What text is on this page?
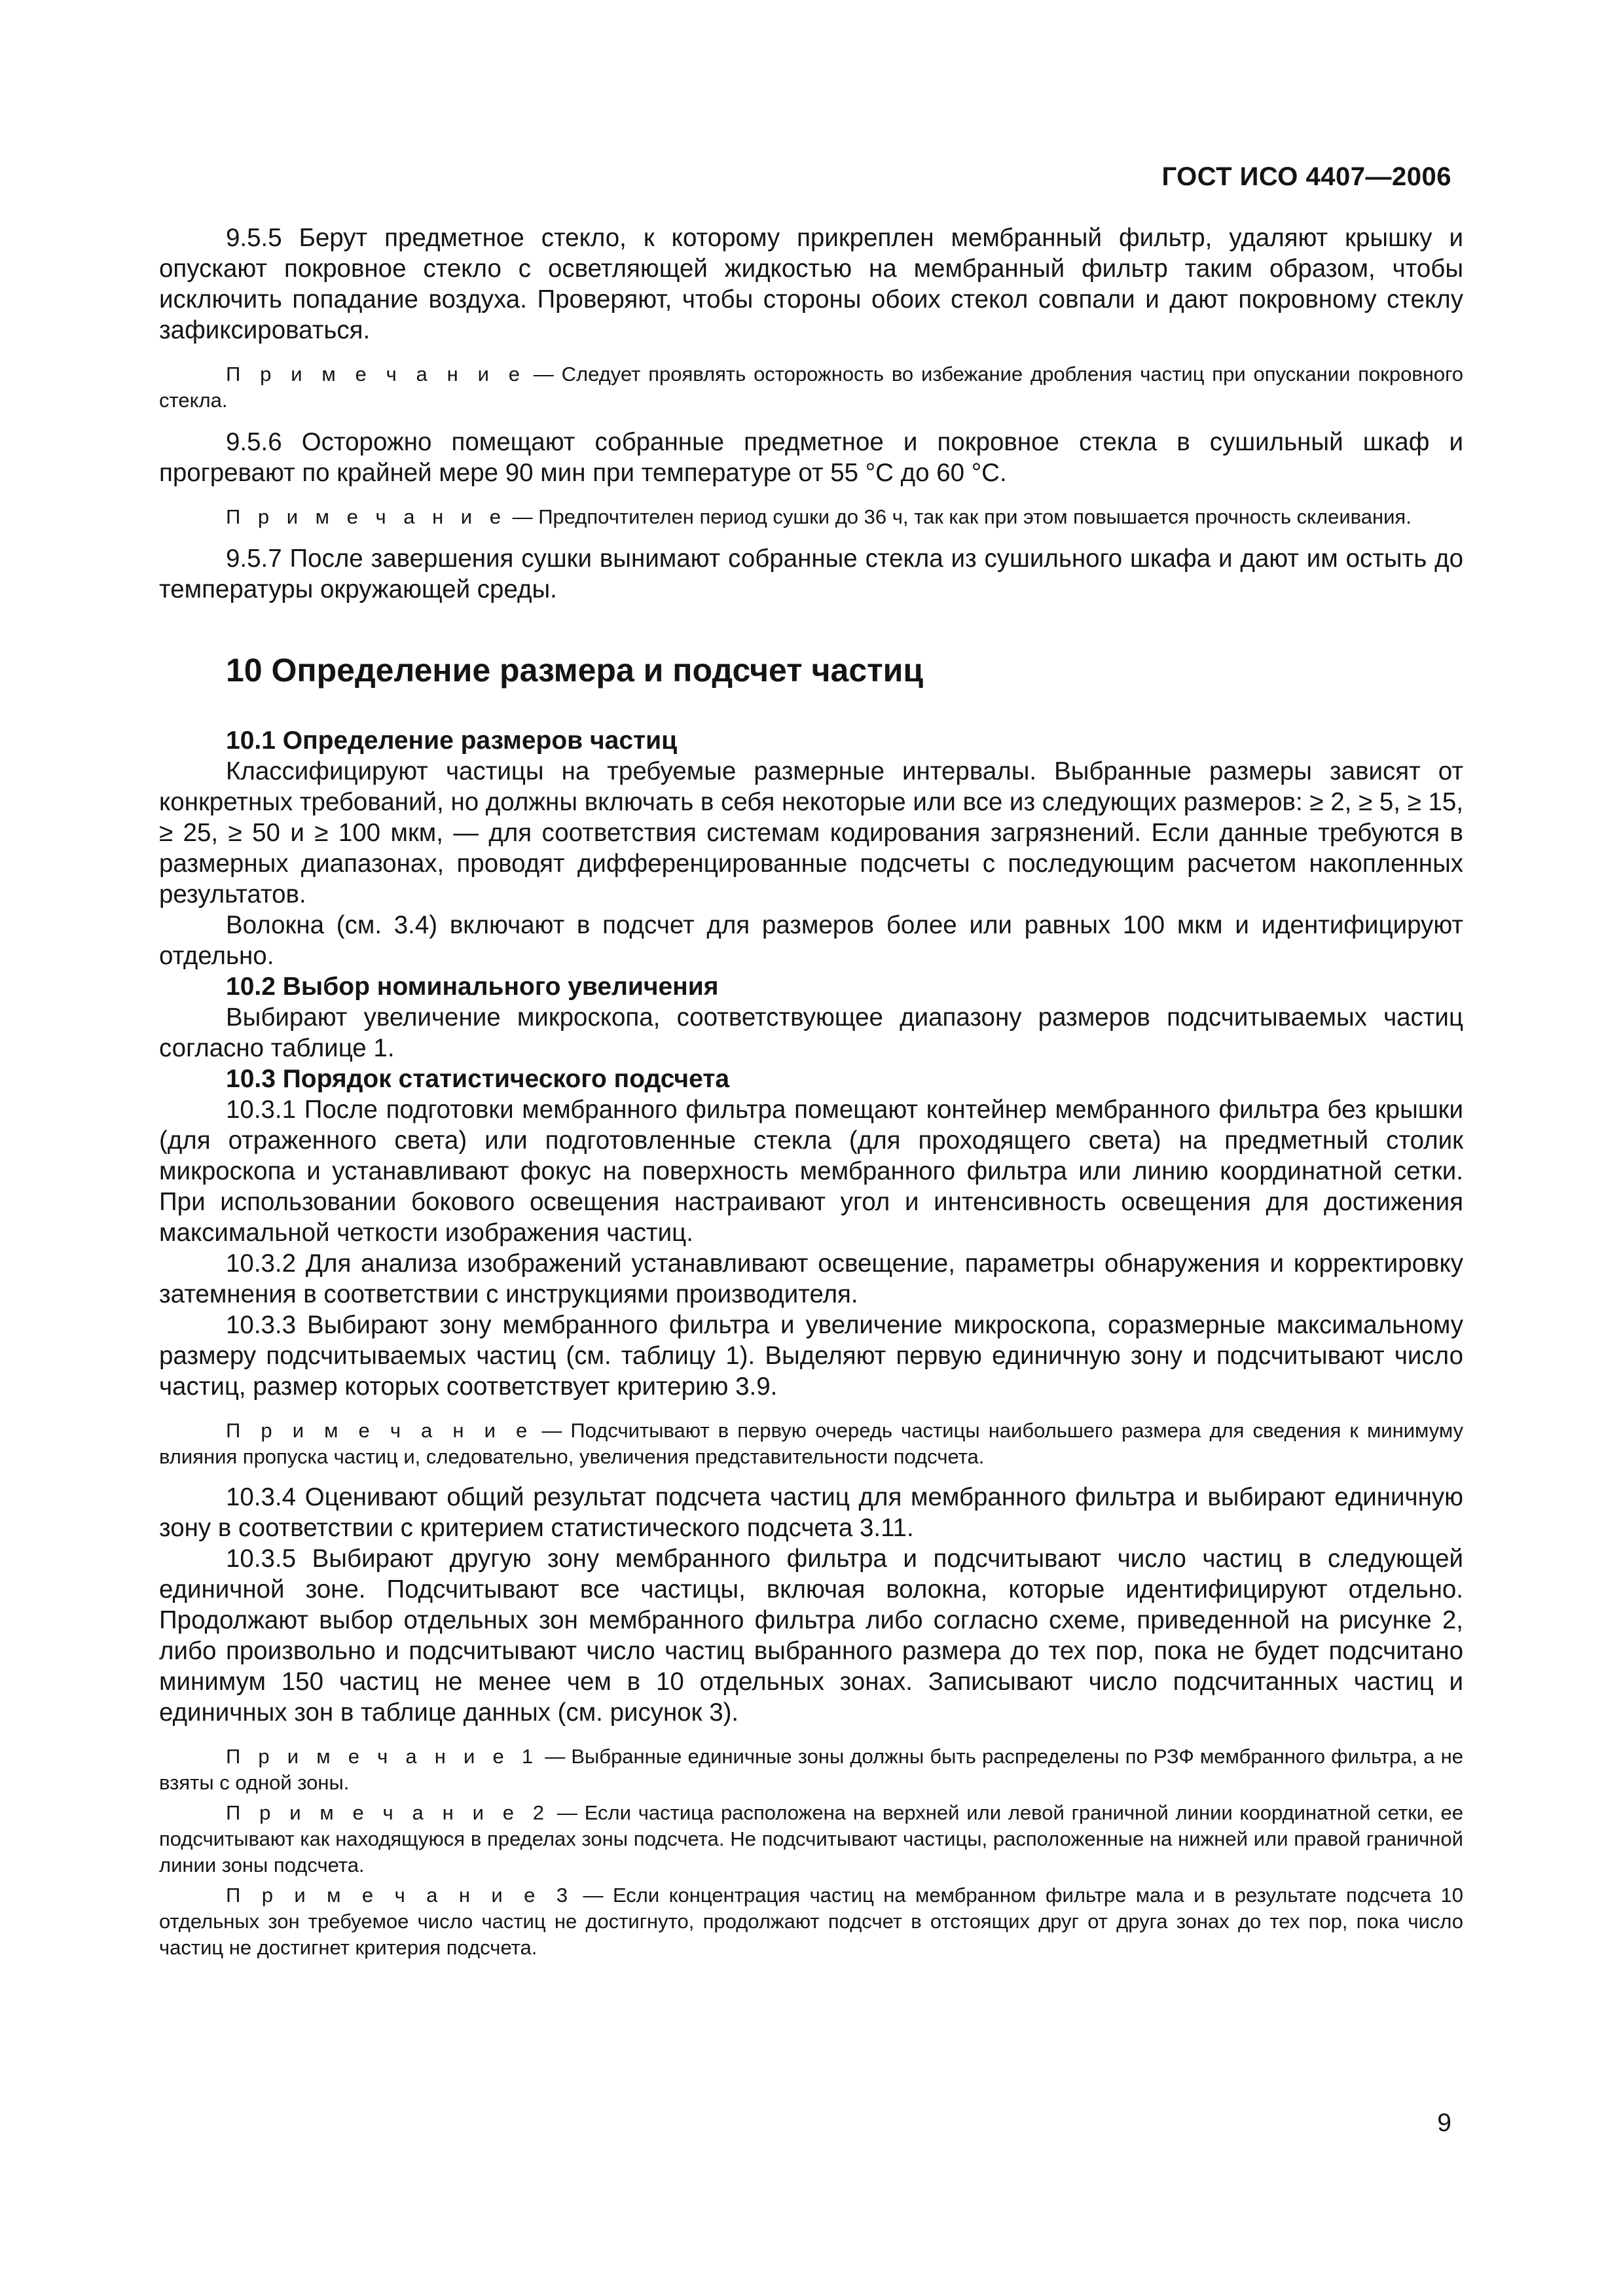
ГОСТ ИСО 4407—2006

9.5.5 Берут предметное стекло, к которому прикреплен мембранный фильтр, удаляют крышку и опускают покровное стекло с осветляющей жидкостью на мембранный фильтр таким образом, чтобы исключить попадание воздуха. Проверяют, чтобы стороны обоих стекол совпали и дают покровному стеклу зафиксироваться.

П р и м е ч а н и е — Следует проявлять осторожность во избежание дробления частиц при опускании покровного стекла.

9.5.6 Осторожно помещают собранные предметное и покровное стекла в сушильный шкаф и прогревают по крайней мере 90 мин при температуре от 55 °С до 60 °С.

П р и м е ч а н и е — Предпочтителен период сушки до 36 ч, так как при этом повышается прочность склеивания.

9.5.7 После завершения сушки вынимают собранные стекла из сушильного шкафа и дают им остыть до температуры окружающей среды.

10 Определение размера и подсчет частиц
10.1 Определение размеров частиц

Классифицируют частицы на требуемые размерные интервалы. Выбранные размеры зависят от конкретных требований, но должны включать в себя некоторые или все из следующих размеров: ≥ 2, ≥ 5, ≥ 15, ≥ 25, ≥ 50 и ≥ 100 мкм, — для соответствия системам кодирования загрязнений. Если данные требуются в размерных диапазонах, проводят дифференцированные подсчеты с последующим расчетом накопленных результатов.

Волокна (см. 3.4) включают в подсчет для размеров более или равных 100 мкм и идентифицируют отдельно.

10.2 Выбор номинального увеличения

Выбирают увеличение микроскопа, соответствующее диапазону размеров подсчитываемых частиц согласно таблице 1.

10.3 Порядок статистического подсчета

10.3.1 После подготовки мембранного фильтра помещают контейнер мембранного фильтра без крышки (для отраженного света) или подготовленные стекла (для проходящего света) на предметный столик микроскопа и устанавливают фокус на поверхность мембранного фильтра или линию координатной сетки. При использовании бокового освещения настраивают угол и интенсивность освещения для достижения максимальной четкости изображения частиц.

10.3.2 Для анализа изображений устанавливают освещение, параметры обнаружения и корректировку затемнения в соответствии с инструкциями производителя.

10.3.3 Выбирают зону мембранного фильтра и увеличение микроскопа, соразмерные максимальному размеру подсчитываемых частиц (см. таблицу 1). Выделяют первую единичную зону и подсчитывают число частиц, размер которых соответствует критерию 3.9.

П р и м е ч а н и е — Подсчитывают в первую очередь частицы наибольшего размера для сведения к минимуму влияния пропуска частиц и, следовательно, увеличения представительности подсчета.

10.3.4 Оценивают общий результат подсчета частиц для мембранного фильтра и выбирают единичную зону в соответствии с критерием статистического подсчета 3.11.

10.3.5 Выбирают другую зону мембранного фильтра и подсчитывают число частиц в следующей единичной зоне. Подсчитывают все частицы, включая волокна, которые идентифицируют отдельно. Продолжают выбор отдельных зон мембранного фильтра либо согласно схеме, приведенной на рисунке 2, либо произвольно и подсчитывают число частиц выбранного размера до тех пор, пока не будет подсчитано минимум 150 частиц не менее чем в 10 отдельных зонах. Записывают число подсчитанных частиц и единичных зон в таблице данных (см. рисунок 3).

П р и м е ч а н и е 1 — Выбранные единичные зоны должны быть распределены по РЗФ мембранного фильтра, а не взяты с одной зоны.

П р и м е ч а н и е 2 — Если частица расположена на верхней или левой граничной линии координатной сетки, ее подсчитывают как находящуюся в пределах зоны подсчета. Не подсчитывают частицы, расположенные на нижней или правой граничной линии зоны подсчета.

П р и м е ч а н и е 3 — Если концентрация частиц на мембранном фильтре мала и в результате подсчета 10 отдельных зон требуемое число частиц не достигнуто, продолжают подсчет в отстоящих друг от друга зонах до тех пор, пока число частиц не достигнет критерия подсчета.

9
